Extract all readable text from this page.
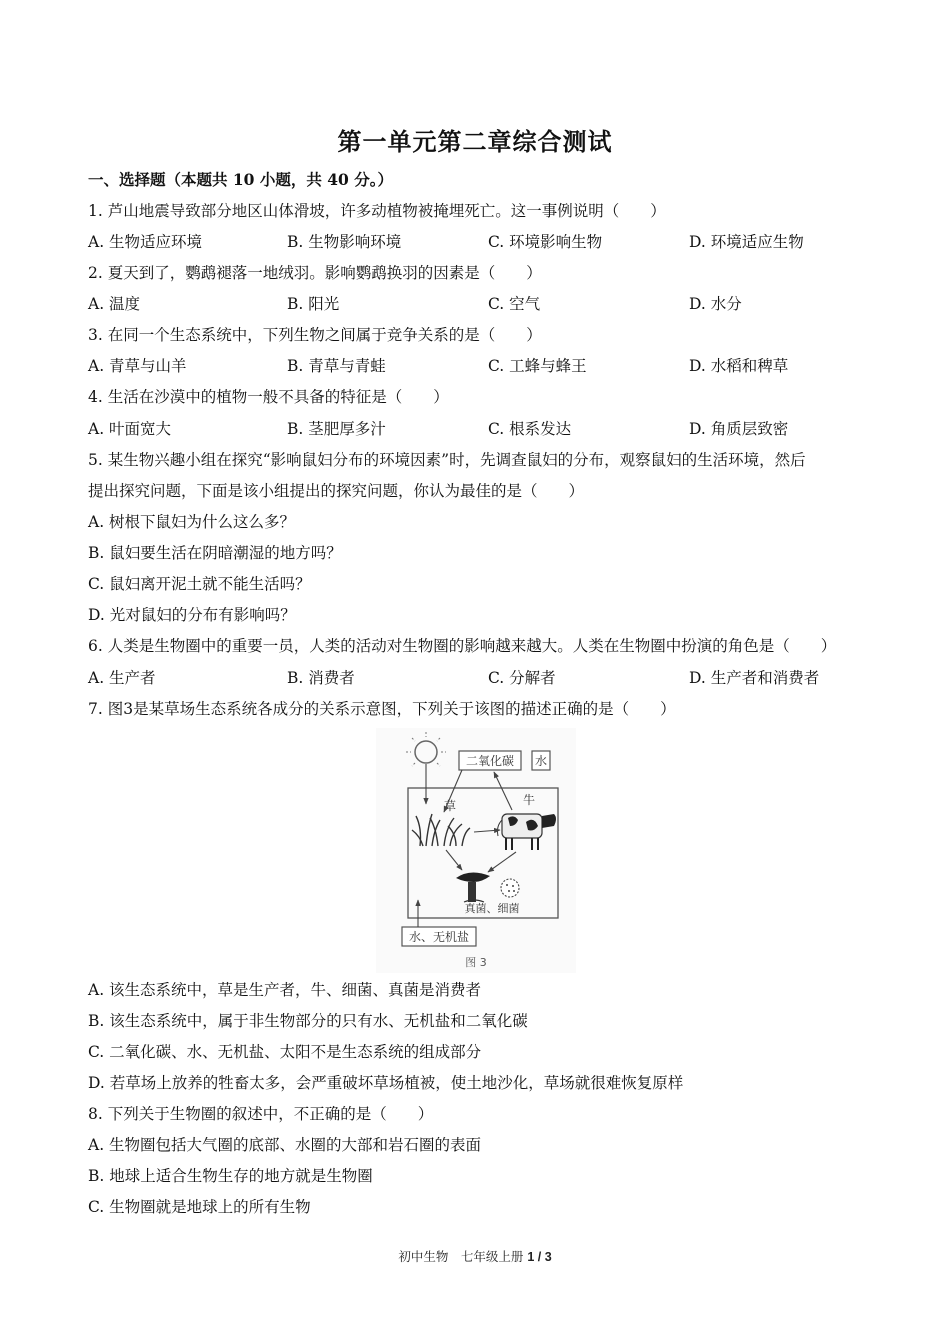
第一单元第二章综合测试
一、选择题（本题共 10 小题，共 40 分。）
1. 芦山地震导致部分地区山体滑坡，许多动植物被掩埋死亡。这一事例说明（　　）
A. 生物适应环境	B. 生物影响环境	C. 环境影响生物	D. 环境适应生物
2. 夏天到了，鹦鹉褪落一地绒羽。影响鹦鹉换羽的因素是（　　）
A. 温度	B. 阳光	C. 空气	D. 水分
3. 在同一个生态系统中，下列生物之间属于竞争关系的是（　　）
A. 青草与山羊	B. 青草与青蛙	C. 工蜂与蜂王	D. 水稻和稗草
4. 生活在沙漠中的植物一般不具备的特征是（　　）
A. 叶面宽大	B. 茎肥厚多汁	C. 根系发达	D. 角质层致密
5. 某生物兴趣小组在探究“影响鼠妇分布的环境因素”时，先调查鼠妇的分布，观察鼠妇的生活环境，然后
提出探究问题，下面是该小组提出的探究问题，你认为最佳的是（　　）
A. 树根下鼠妇为什么这么多？
B. 鼠妇要生活在阴暗潮湿的地方吗？
C. 鼠妇离开泥土就不能生活吗？
D. 光对鼠妇的分布有影响吗？
6. 人类是生物圈中的重要一员，人类的活动对生物圈的影响越来越大。人类在生物圈中扮演的角色是（　　）
A. 生产者	B. 消费者	C. 分解者	D. 生产者和消费者
7. 图3是某草场生态系统各成分的关系示意图，下列关于该图的描述正确的是（　　）
二氧化碳 水
草	牛
真菌、细菌
水、无机盐
图 3
A. 该生态系统中，草是生产者，牛、细菌、真菌是消费者
B. 该生态系统中，属于非生物部分的只有水、无机盐和二氧化碳
C. 二氧化碳、水、无机盐、太阳不是生态系统的组成部分
D. 若草场上放养的牲畜太多，会严重破坏草场植被，使土地沙化，草场就很难恢复原样
8. 下列关于生物圈的叙述中，不正确的是（　　）
A. 生物圈包括大气圈的底部、水圈的大部和岩石圈的表面
B. 地球上适合生物生存的地方就是生物圈
C. 生物圈就是地球上的所有生物
初中生物　七年级上册 1 / 3
